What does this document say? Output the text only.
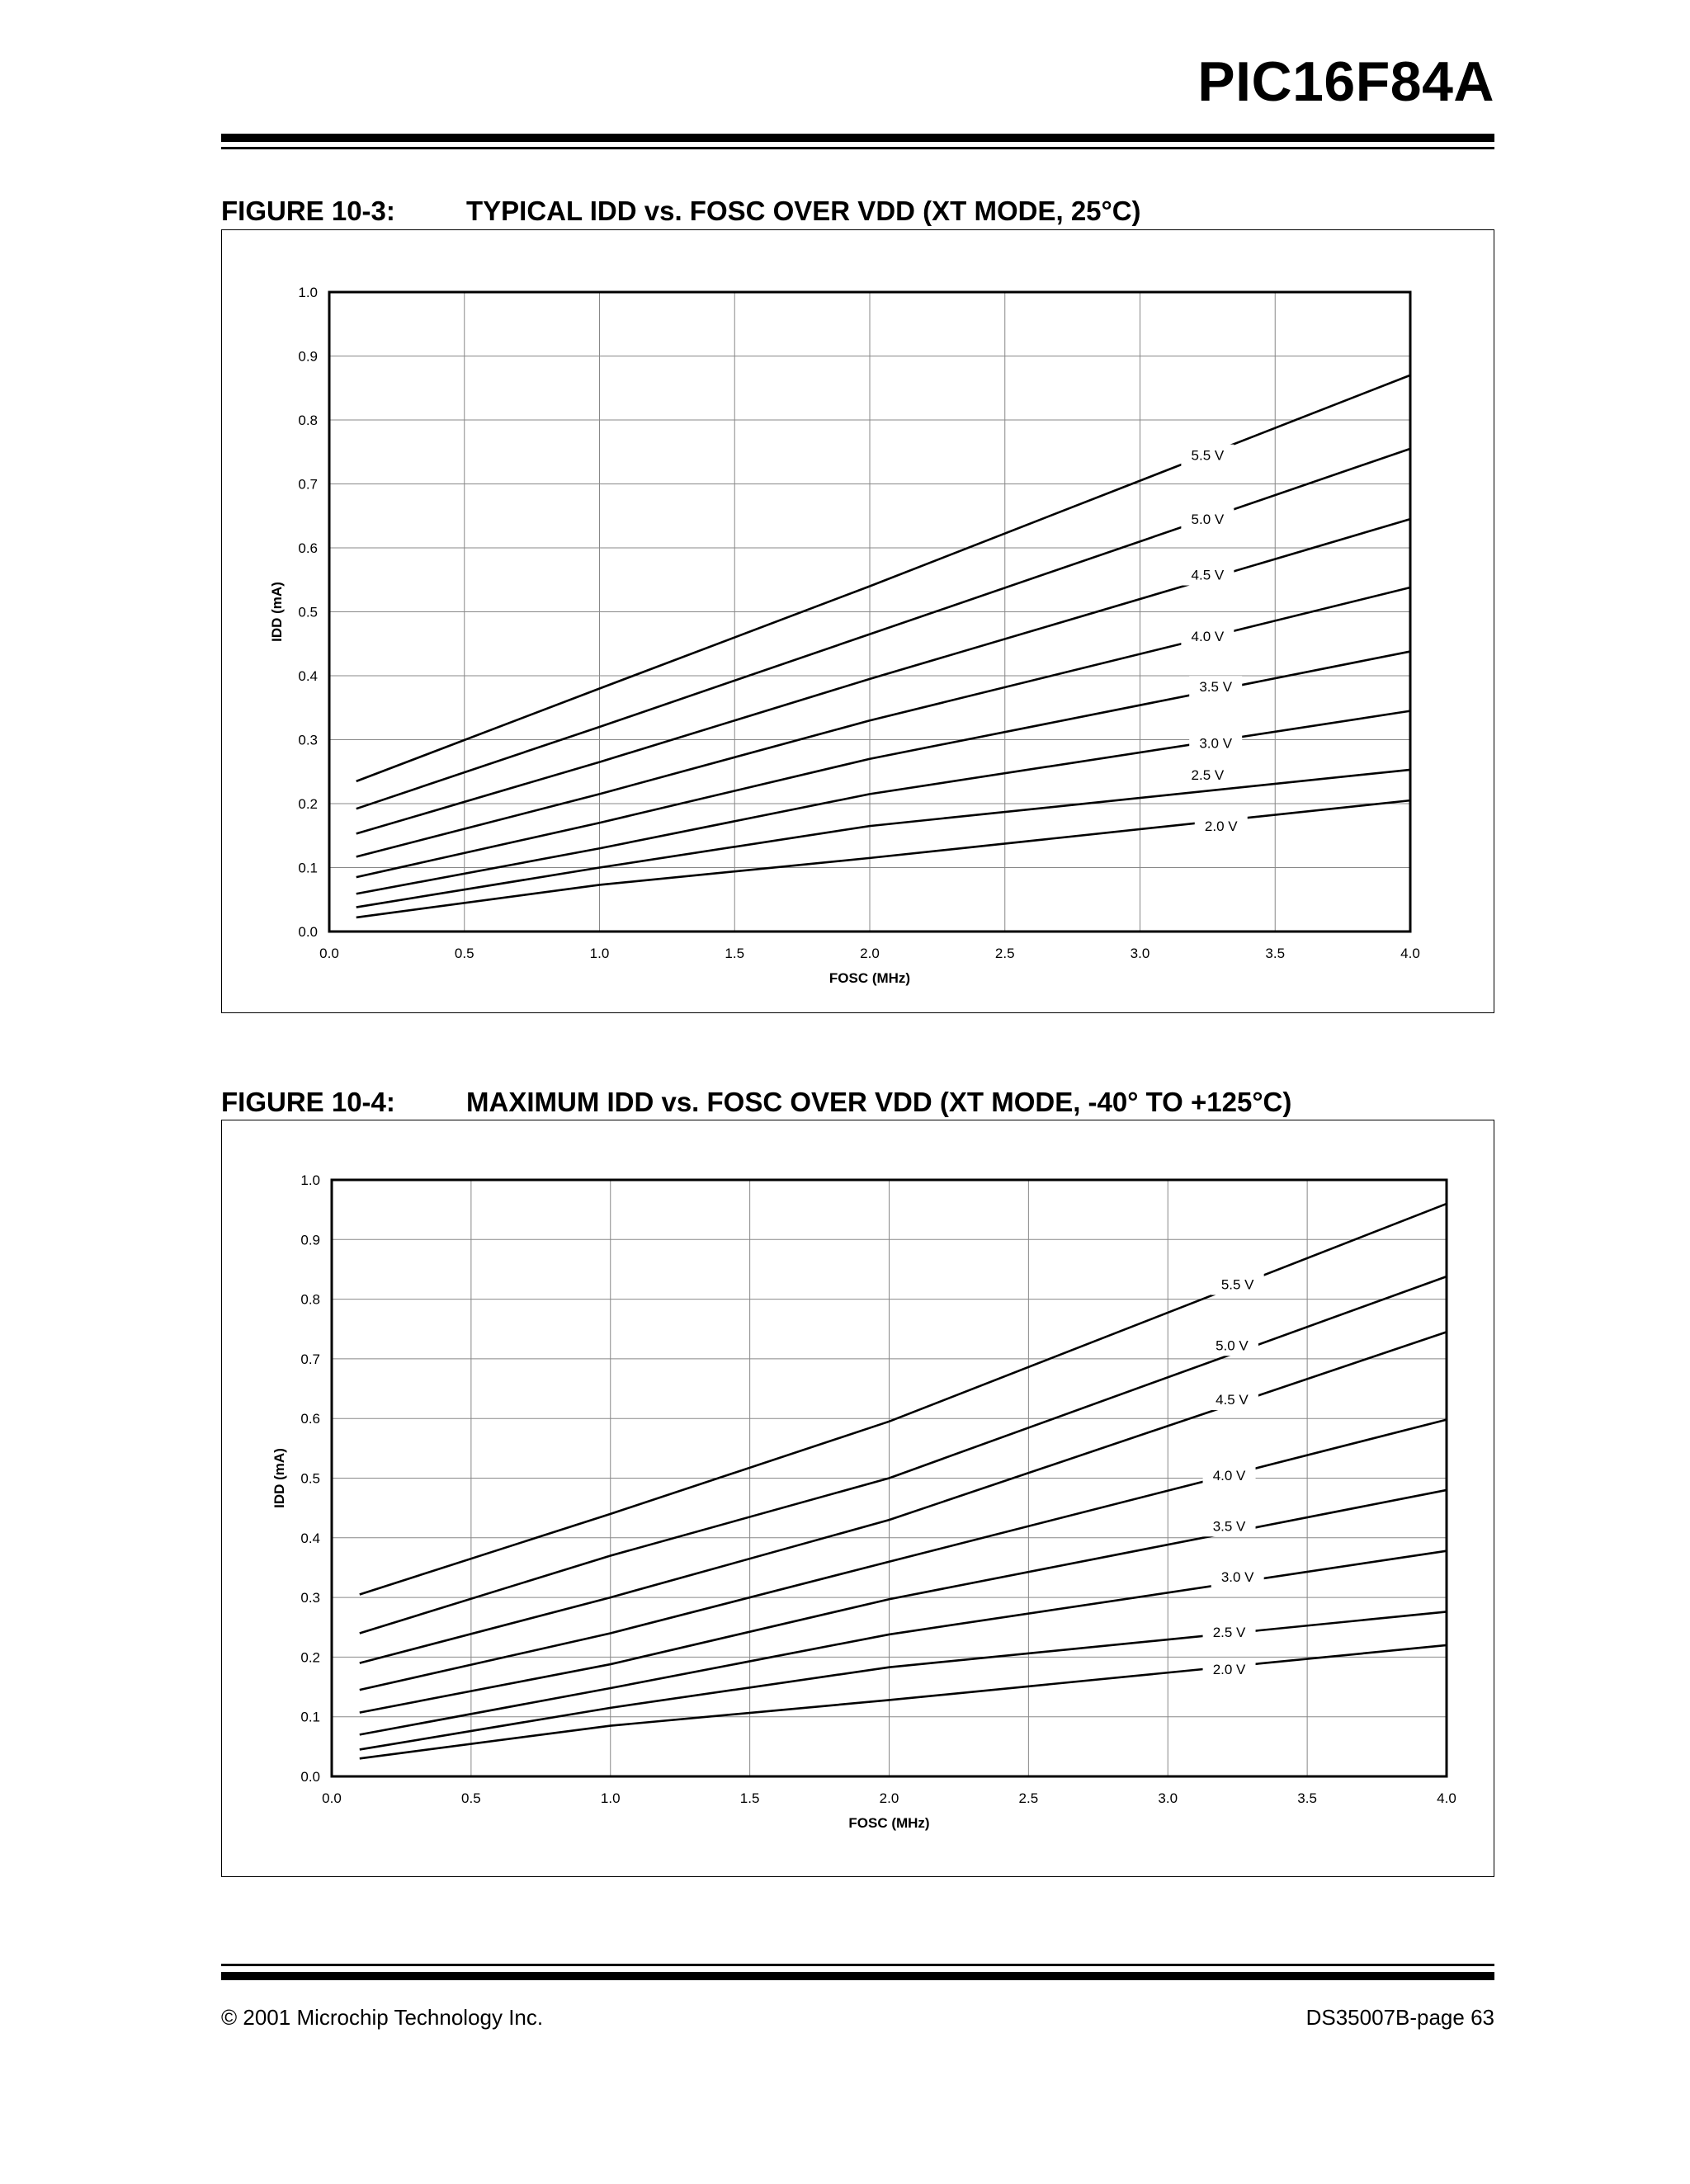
PIC16F84A
FIGURE 10-3:	TYPICAL IDD vs. FOSC OVER VDD (XT MODE, 25°C)
0.0	0.5	1.0	1.5	2.0	2.5	3.0	3.5	4.0
0.0
0.1
0.2
0.3
0.4
0.5
0.6
0.7
0.8
0.9
1.0
5.5 V
5.0 V
4.5 V
4.0 V
3.5 V
3.0 V
2.5 V
2.0 V
FOSC (MHz)
IDD (mA)
FIGURE 10-4:	MAXIMUM IDD vs. FOSC OVER VDD (XT MODE, -40° TO +125°C)
0.0	0.5	1.0	1.5	2.0	2.5	3.0	3.5	4.0
0.0
0.1
0.2
0.3
0.4
0.5
0.6
0.7
0.8
0.9
1.0
5.5 V
5.0 V
4.5 V
4.0 V
3.5 V
3.0 V
2.5 V
2.0 V
FOSC (MHz)
IDD (mA)
© 2001 Microchip Technology Inc.	DS35007B-page 63
